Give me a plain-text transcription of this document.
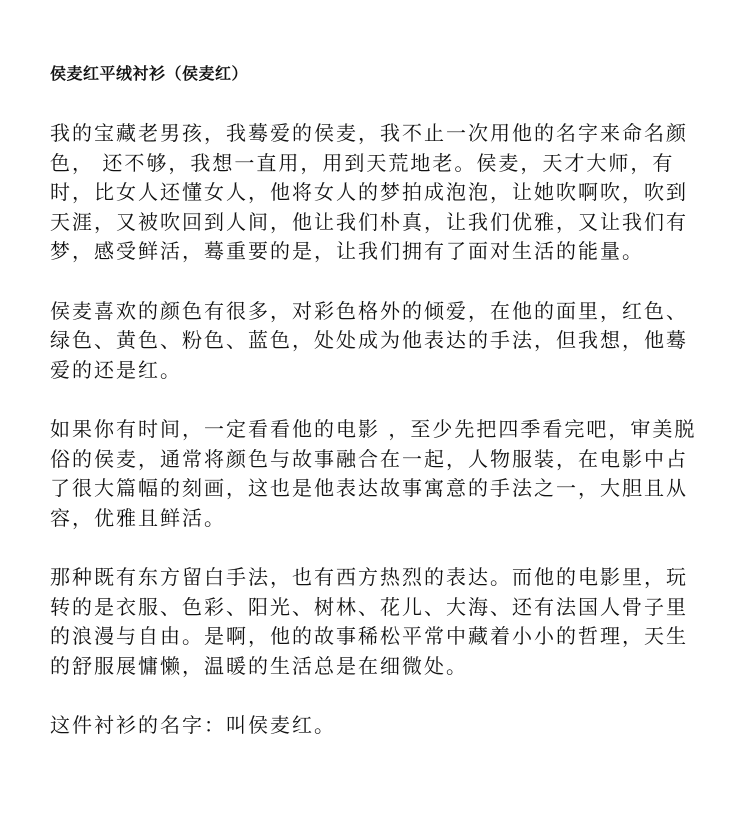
侯麦红平绒衬衫（侯麦红）
我的宝藏老男孩，我蓦爱的侯麦，我不止一次用他的名字来命名颜色， 还不够，我想一直用，用到天荒地老。侯麦，天才大师，有时，比女人还懂女人，他将女人的梦拍成泡泡，让她吹啊吹，吹到天涯，又被吹回到人间，他让我们朴真，让我们优雅，又让我们有梦，感受鲜活，蓦重要的是，让我们拥有了面对生活的能量。
侯麦喜欢的颜色有很多，对彩色格外的倾爱，在他的面里，红色、绿色、黄色、粉色、蓝色，处处成为他表达的手法，但我想，他蓦爱的还是红。
如果你有时间，一定看看他的电影 ，至少先把四季看完吧，审美脱俗的侯麦，通常将颜色与故事融合在一起，人物服装，在电影中占了很大篇幅的刻画，这也是他表达故事寓意的手法之一，大胆且从容，优雅且鲜活。
那种既有东方留白手法，也有西方热烈的表达。而他的电影里，玩转的是衣服、色彩、阳光、树林、花儿、大海、还有法国人骨子里的浪漫与自由。是啊，他的故事稀松平常中藏着小小的哲理，天生的舒服展慵懒，温暖的生活总是在细微处。
这件衬衫的名字：叫侯麦红。
